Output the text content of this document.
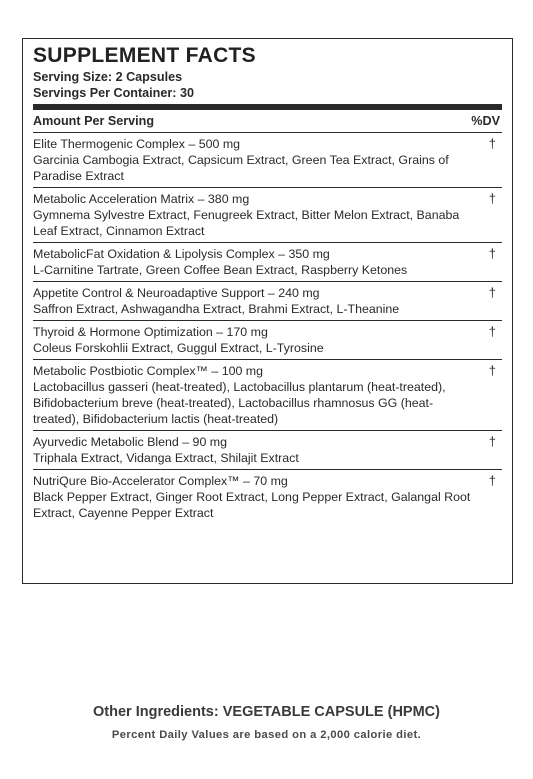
SUPPLEMENT FACTS
Serving Size: 2 Capsules
Servings Per Container: 30
Amount Per Serving	%DV
Elite Thermogenic Complex – 500 mg
Garcinia Cambogia Extract, Capsicum Extract, Green Tea Extract, Grains of Paradise Extract
†
Metabolic Acceleration Matrix – 380 mg
Gymnema Sylvestre Extract, Fenugreek Extract, Bitter Melon Extract, Banaba Leaf Extract, Cinnamon Extract
†
MetabolicFat Oxidation & Lipolysis Complex – 350 mg
L-Carnitine Tartrate, Green Coffee Bean Extract, Raspberry Ketones
†
Appetite Control & Neuroadaptive Support – 240 mg
Saffron Extract, Ashwagandha Extract, Brahmi Extract, L-Theanine
†
Thyroid & Hormone Optimization – 170 mg
Coleus Forskohlii Extract, Guggul Extract, L-Tyrosine
†
Metabolic Postbiotic Complex™ – 100 mg
Lactobacillus gasseri (heat-treated), Lactobacillus plantarum (heat-treated), Bifidobacterium breve (heat-treated), Lactobacillus rhamnosus GG (heat-treated), Bifidobacterium lactis (heat-treated)
†
Ayurvedic Metabolic Blend – 90 mg
Triphala Extract, Vidanga Extract, Shilajit Extract
†
NutriQure Bio-Accelerator Complex™ – 70 mg
Black Pepper Extract, Ginger Root Extract, Long Pepper Extract, Galangal Root Extract, Cayenne Pepper Extract
†
Other Ingredients: VEGETABLE CAPSULE (HPMC)
Percent Daily Values are based on a 2,000 calorie diet.
